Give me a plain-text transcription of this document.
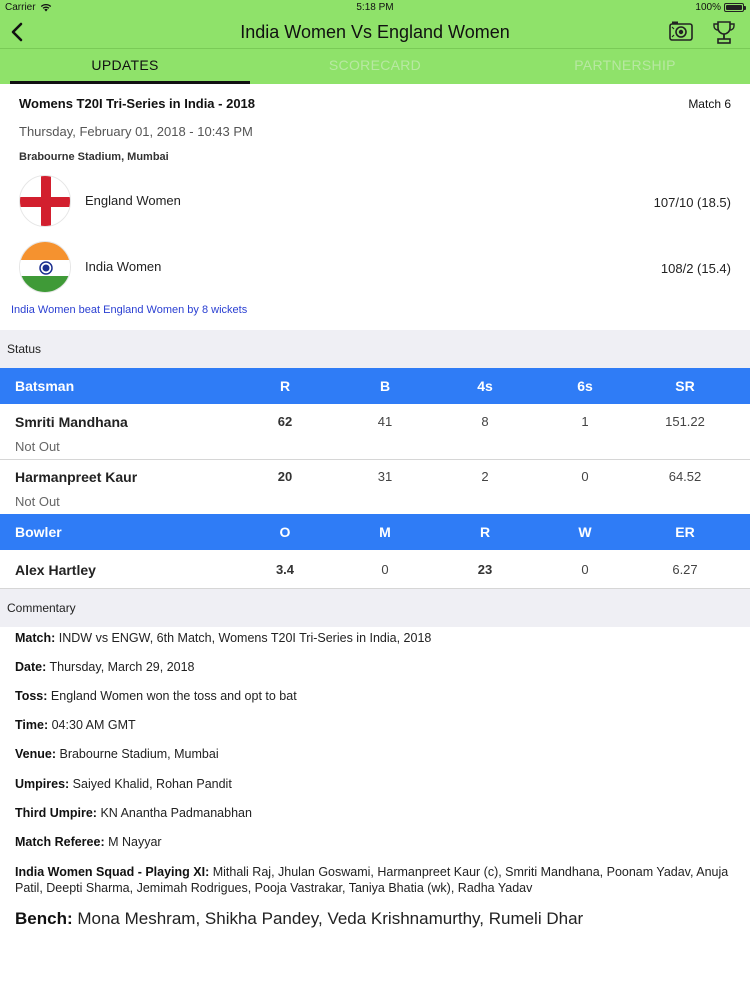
Carrier	5:18 PM	100%
India Women Vs England Women
UPDATES	SCORECARD	PARTNERSHIP
Womens T20I Tri-Series in India - 2018	Match 6
Thursday, February 01, 2018 - 10:43 PM
Brabourne Stadium, Mumbai
England Women	107/10 (18.5)
India Women	108/2 (15.4)
India Women beat England Women by 8 wickets
Status
Batsman	R	B	4s	6s	SR
Smriti Mandhana	62	41	8	1	151.22
Not Out
Harmanpreet Kaur	20	31	2	0	64.52
Not Out
Bowler	O	M	R	W	ER
Alex Hartley	3.4	0	23	0	6.27
Commentary
Match: INDW vs ENGW, 6th Match, Womens T20I Tri-Series in India, 2018
Date: Thursday, March 29, 2018
Toss: England Women won the toss and opt to bat
Time: 04:30 AM GMT
Venue: Brabourne Stadium, Mumbai
Umpires: Saiyed Khalid, Rohan Pandit
Third Umpire: KN Anantha Padmanabhan
Match Referee: M Nayyar
India Women Squad - Playing XI: Mithali Raj, Jhulan Goswami, Harmanpreet Kaur (c), Smriti Mandhana, Poonam Yadav, Anuja Patil, Deepti Sharma, Jemimah Rodrigues, Pooja Vastrakar, Taniya Bhatia (wk), Radha Yadav
Bench: Mona Meshram, Shikha Pandey, Veda Krishnamurthy, Rumeli Dhar
